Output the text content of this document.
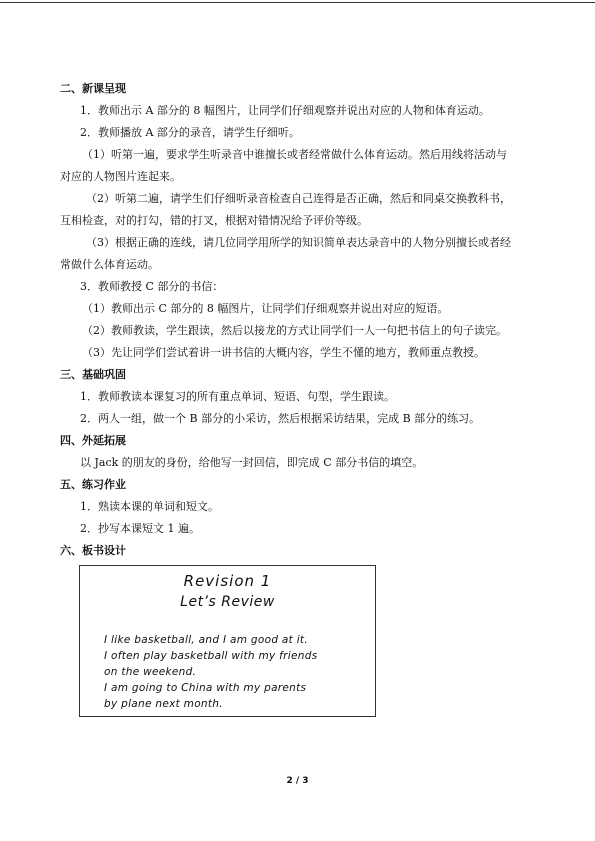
二、新课呈现
1．教师出示 A 部分的 8 幅图片，让同学们仔细观察并说出对应的人物和体育运动。
2．教师播放 A 部分的录音，请学生仔细听。
（1）听第一遍，要求学生听录音中谁擅长或者经常做什么体育运动。然后用线将活动与
对应的人物图片连起来。
（2）听第二遍，请学生们仔细听录音检查自己连得是否正确，然后和同桌交换教科书，
互相检查，对的打勾，错的打叉，根据对错情况给予评价等级。
（3）根据正确的连线，请几位同学用所学的知识简单表达录音中的人物分别擅长或者经
常做什么体育运动。
3．教师教授 C 部分的书信：
（1）教师出示 C 部分的 8 幅图片，让同学们仔细观察并说出对应的短语。
（2）教师教读，学生跟读，然后以接龙的方式让同学们一人一句把书信上的句子读完。
（3）先让同学们尝试着讲一讲书信的大概内容，学生不懂的地方，教师重点教授。
三、基础巩固
1．教师教读本课复习的所有重点单词、短语、句型，学生跟读。
2．两人一组，做一个 B 部分的小采访，然后根据采访结果，完成 B 部分的练习。
四、外延拓展
以 Jack 的朋友的身份，给他写一封回信，即完成 C 部分书信的填空。
五、练习作业
1．熟读本课的单词和短文。
2．抄写本课短文 1 遍。
六、板书设计
Revision 1
Let’s Review
I like basketball, and I am good at it.
I often play basketball with my friends
on the weekend.
I am going to China with my parents
by plane next month.
2 / 3
